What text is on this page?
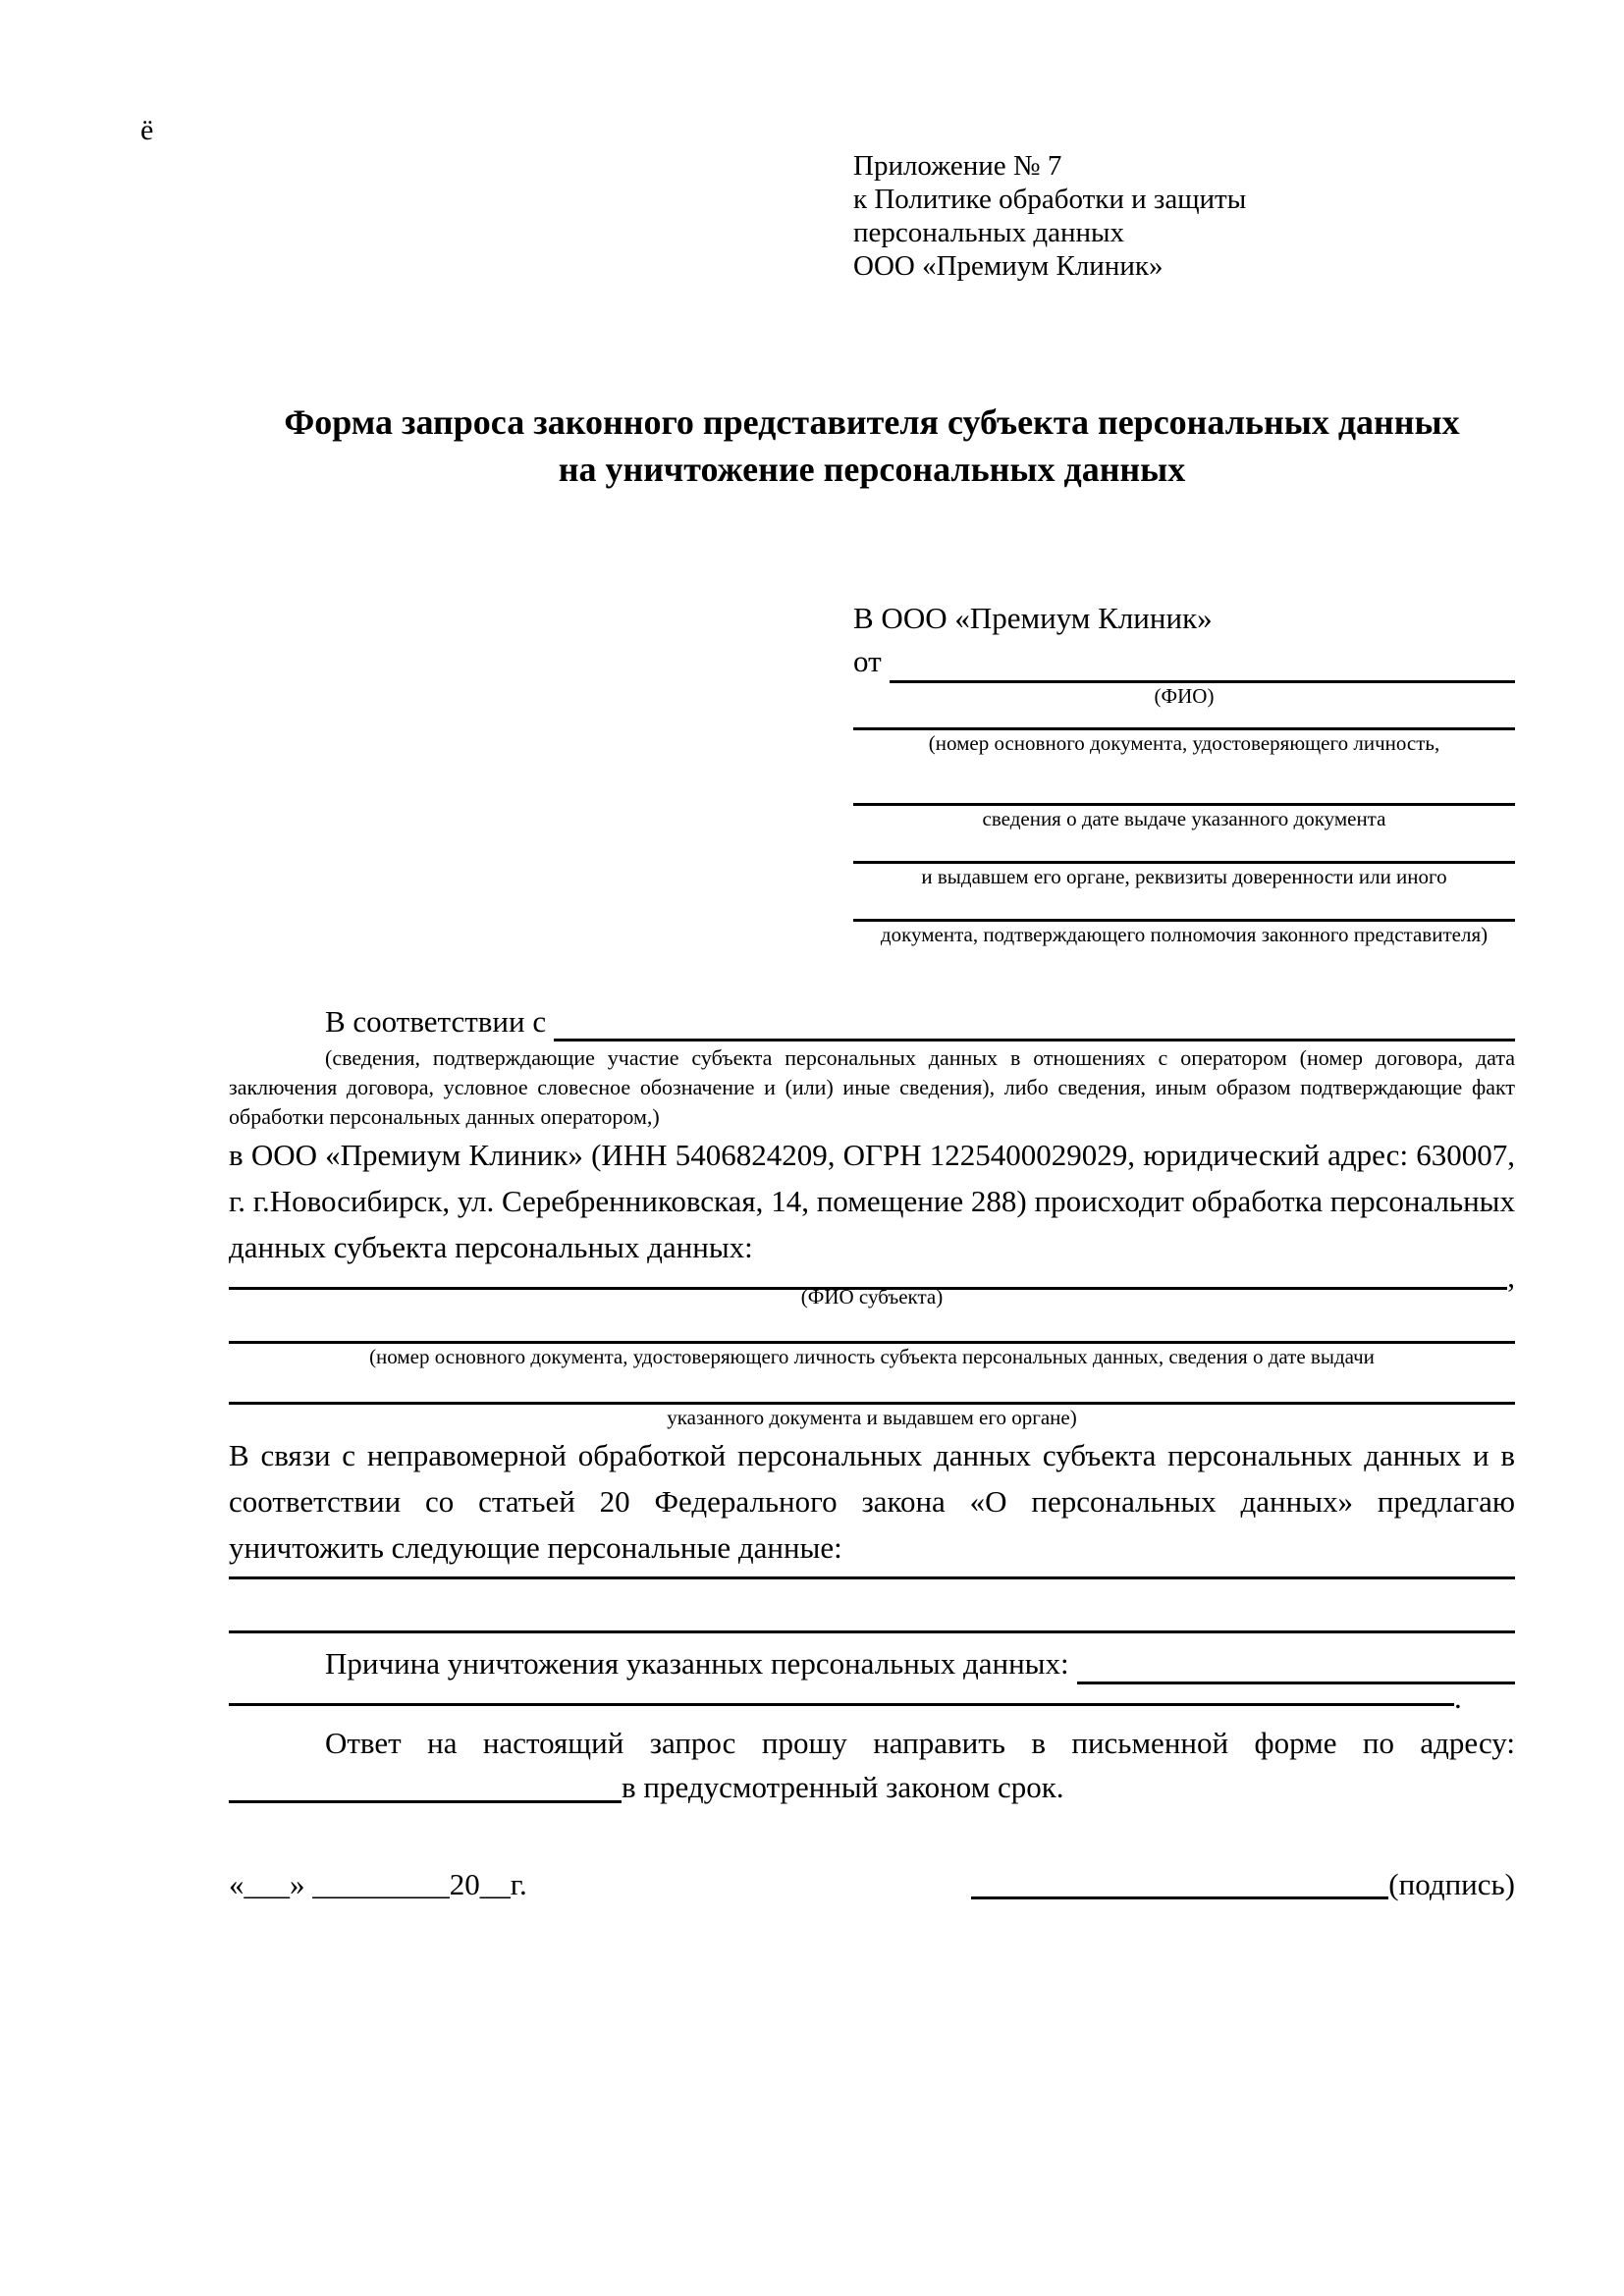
ё
Приложение № 7
к Политике обработки и защиты
персональных данных
ООО «Премиум Клиник»
Форма запроса законного представителя субъекта персональных данных
на уничтожение персональных данных
В ООО «Премиум Клиник»
от
(ФИО)
(номер основного документа, удостоверяющего личность,
сведения о дате выдаче указанного документа
и выдавшем его органе, реквизиты доверенности или иного
документа, подтверждающего полномочия законного представителя)
В соответствии с
(сведения, подтверждающие участие субъекта персональных данных в отношениях с оператором (номер договора, дата заключения договора, условное словесное обозначение и (или) иные сведения), либо сведения, иным образом подтверждающие факт обработки персональных данных оператором,)
в ООО «Премиум Клиник» (ИНН 5406824209, ОГРН 1225400029029, юридический адрес: 630007, г. г.Новосибирск, ул. Серебренниковская, 14, помещение 288) происходит обработка персональных данных субъекта персональных данных:
,
(ФИО субъекта)
(номер основного документа, удостоверяющего личность субъекта персональных данных, сведения о дате выдачи
указанного документа и выдавшем его органе)
В связи с неправомерной обработкой персональных данных субъекта персональных данных и в соответствии со статьей 20 Федерального закона «О персональных данных» предлагаю уничтожить следующие персональные данные:
Причина уничтожения указанных персональных данных:
.
Ответ на настоящий запрос прошу направить в письменной форме по адресу:
в предусмотренный законом срок.
«___» _________20__г.	(подпись)
